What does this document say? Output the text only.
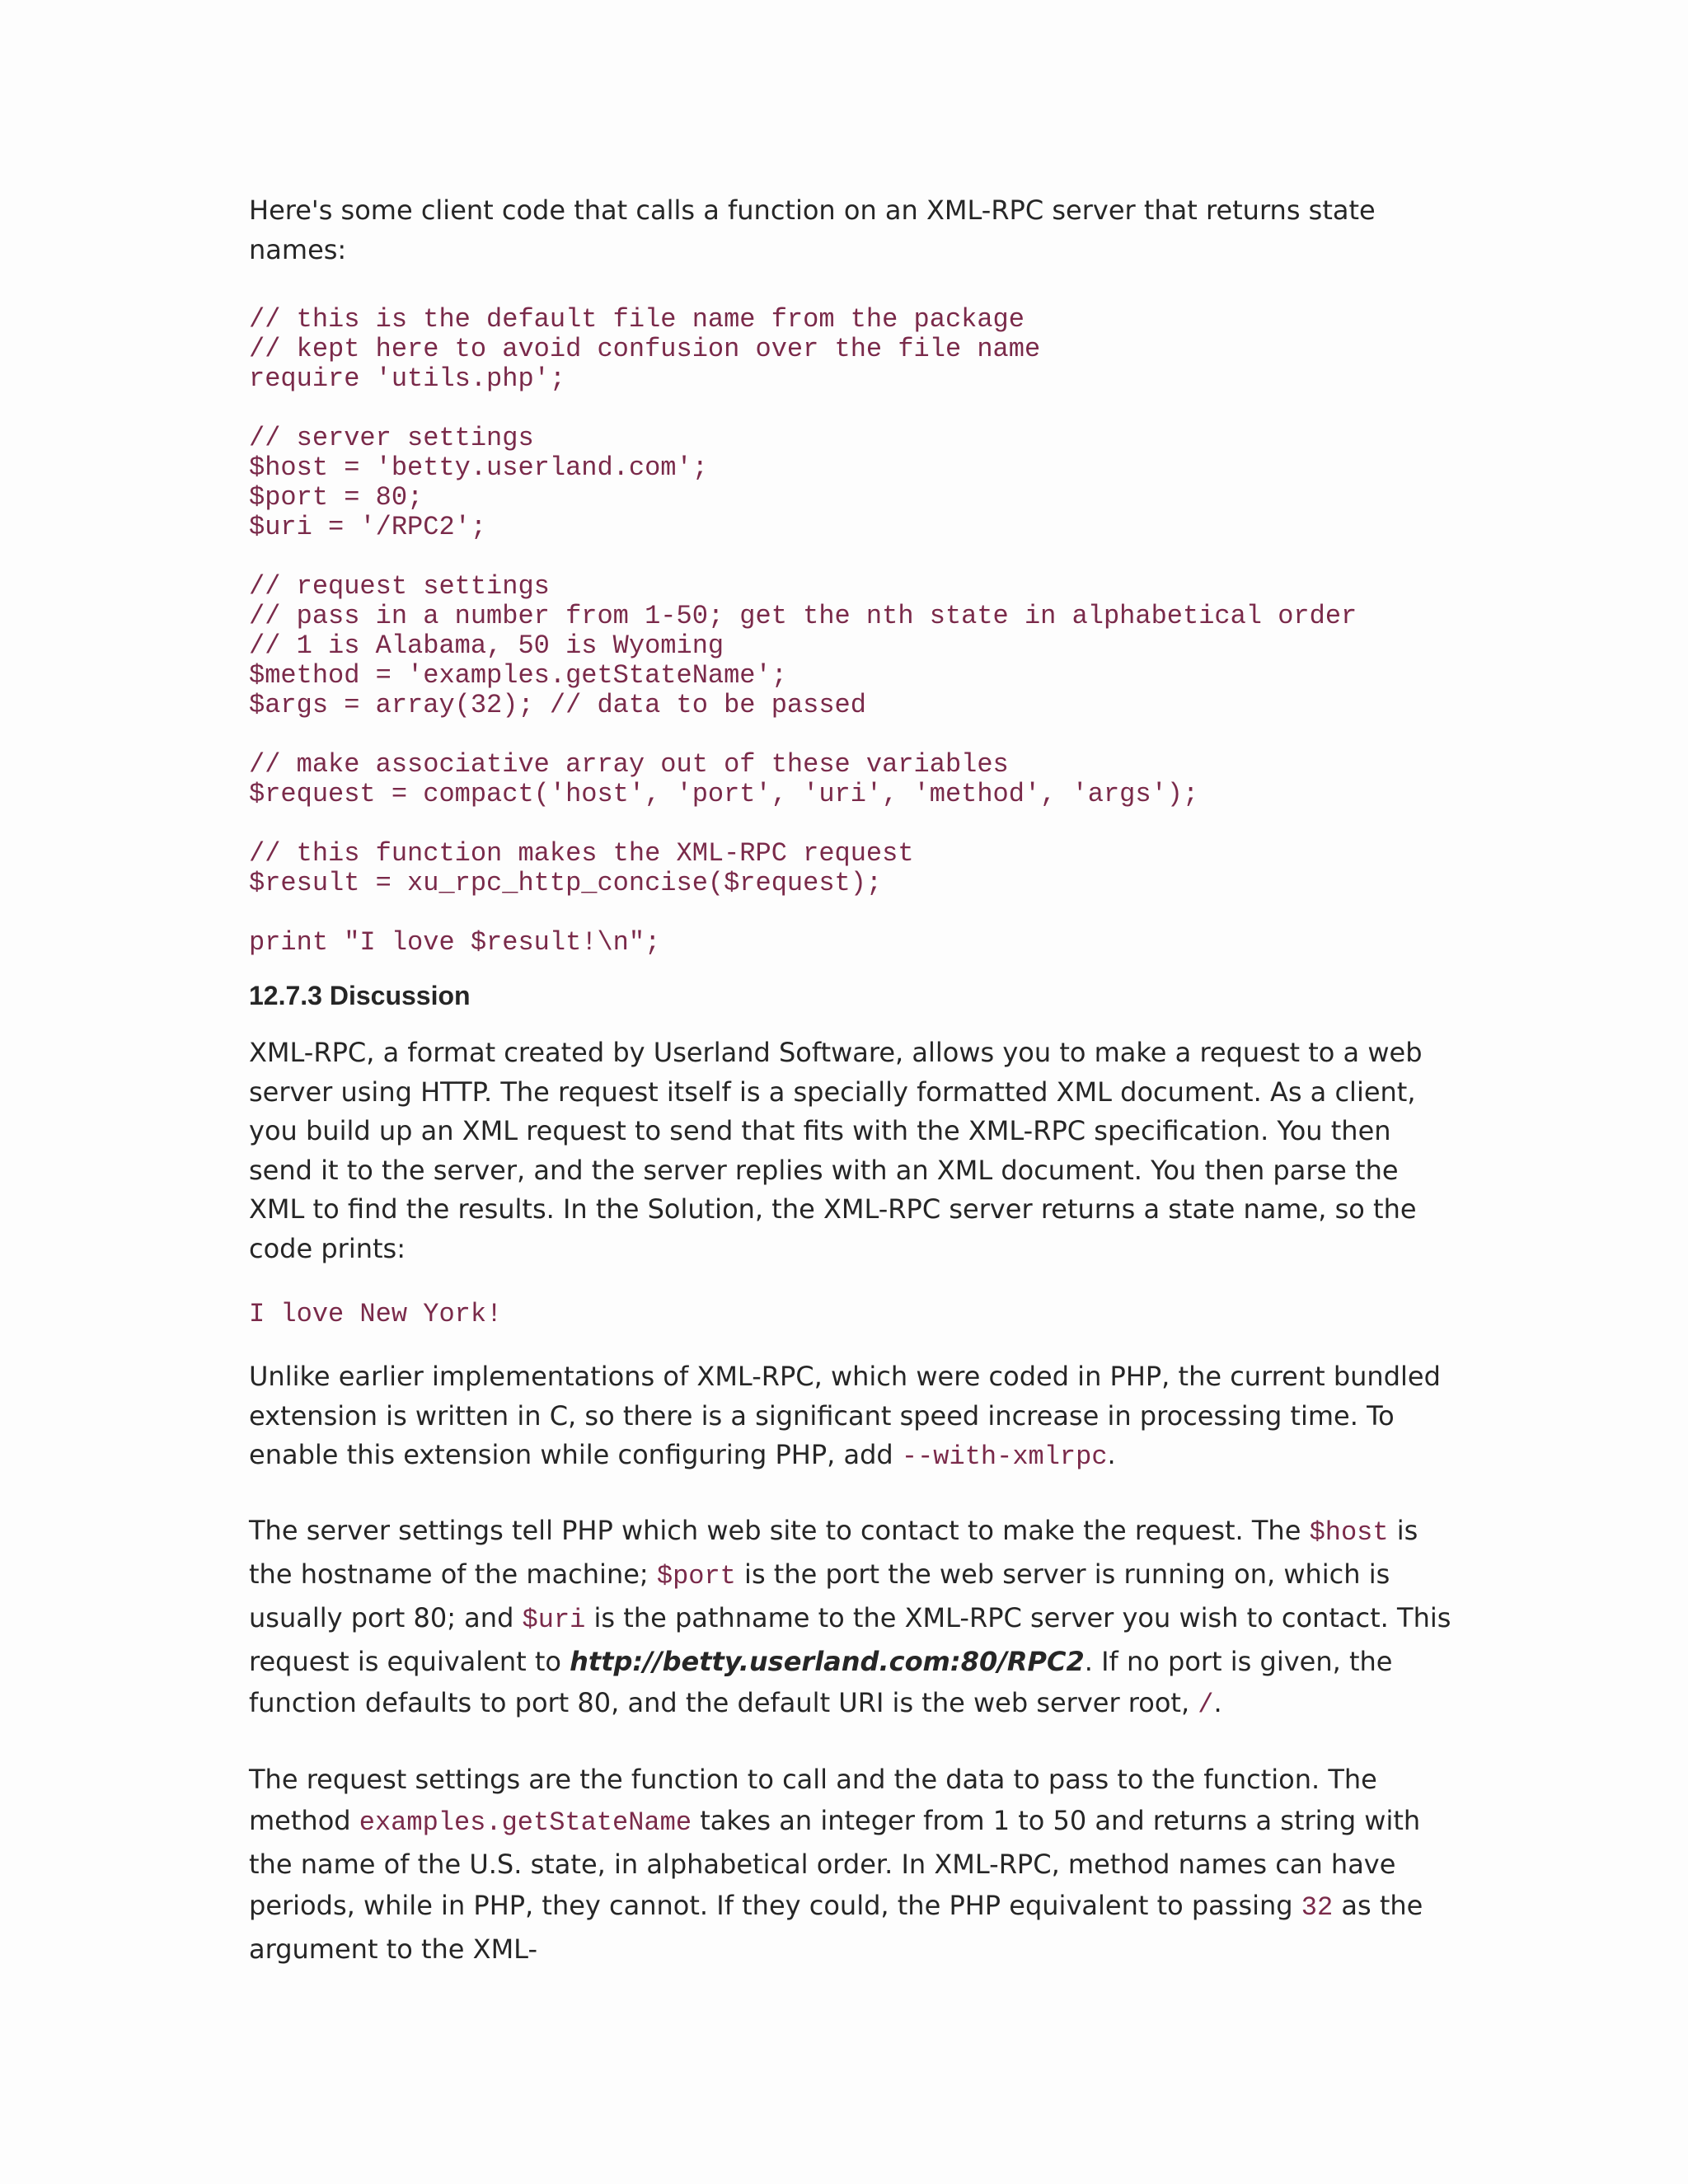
Here's some client code that calls a function on an XML-RPC server that returns state names:

// this is the default file name from the package
// kept here to avoid confusion over the file name
require 'utils.php';
// server settings
$host = 'betty.userland.com';
$port = 80;
$uri = '/RPC2';
// request settings
// pass in a number from 1-50; get the nth state in alphabetical order
// 1 is Alabama, 50 is Wyoming
$method = 'examples.getStateName';
$args = array(32); // data to be passed
// make associative array out of these variables
$request = compact('host', 'port', 'uri', 'method', 'args');
// this function makes the XML-RPC request
$result = xu_rpc_http_concise($request);
print "I love $result!\n";
12.7.3 Discussion

XML-RPC, a format created by Userland Software, allows you to make a request to a web server using HTTP. The request itself is a specially formatted XML document. As a client, you build up an XML request to send that fits with the XML-RPC specification. You then send it to the server, and the server replies with an XML document. You then parse the XML to find the results. In the Solution, the XML-RPC server returns a state name, so the code prints:

I love New York!

Unlike earlier implementations of XML-RPC, which were coded in PHP, the current bundled extension is written in C, so there is a significant speed increase in processing time. To enable this extension while configuring PHP, add --with-xmlrpc.

The server settings tell PHP which web site to contact to make the request. The $host is the hostname of the machine; $port is the port the web server is running on, which is usually port 80; and $uri is the pathname to the XML-RPC server you wish to contact. This request is equivalent to http://betty.userland.com:80/RPC2. If no port is given, the function defaults to port 80, and the default URI is the web server root, /.

The request settings are the function to call and the data to pass to the function. The method examples.getStateName takes an integer from 1 to 50 and returns a string with the name of the U.S. state, in alphabetical order. In XML-RPC, method names can have periods, while in PHP, they cannot. If they could, the PHP equivalent to passing 32 as the argument to the XML-
